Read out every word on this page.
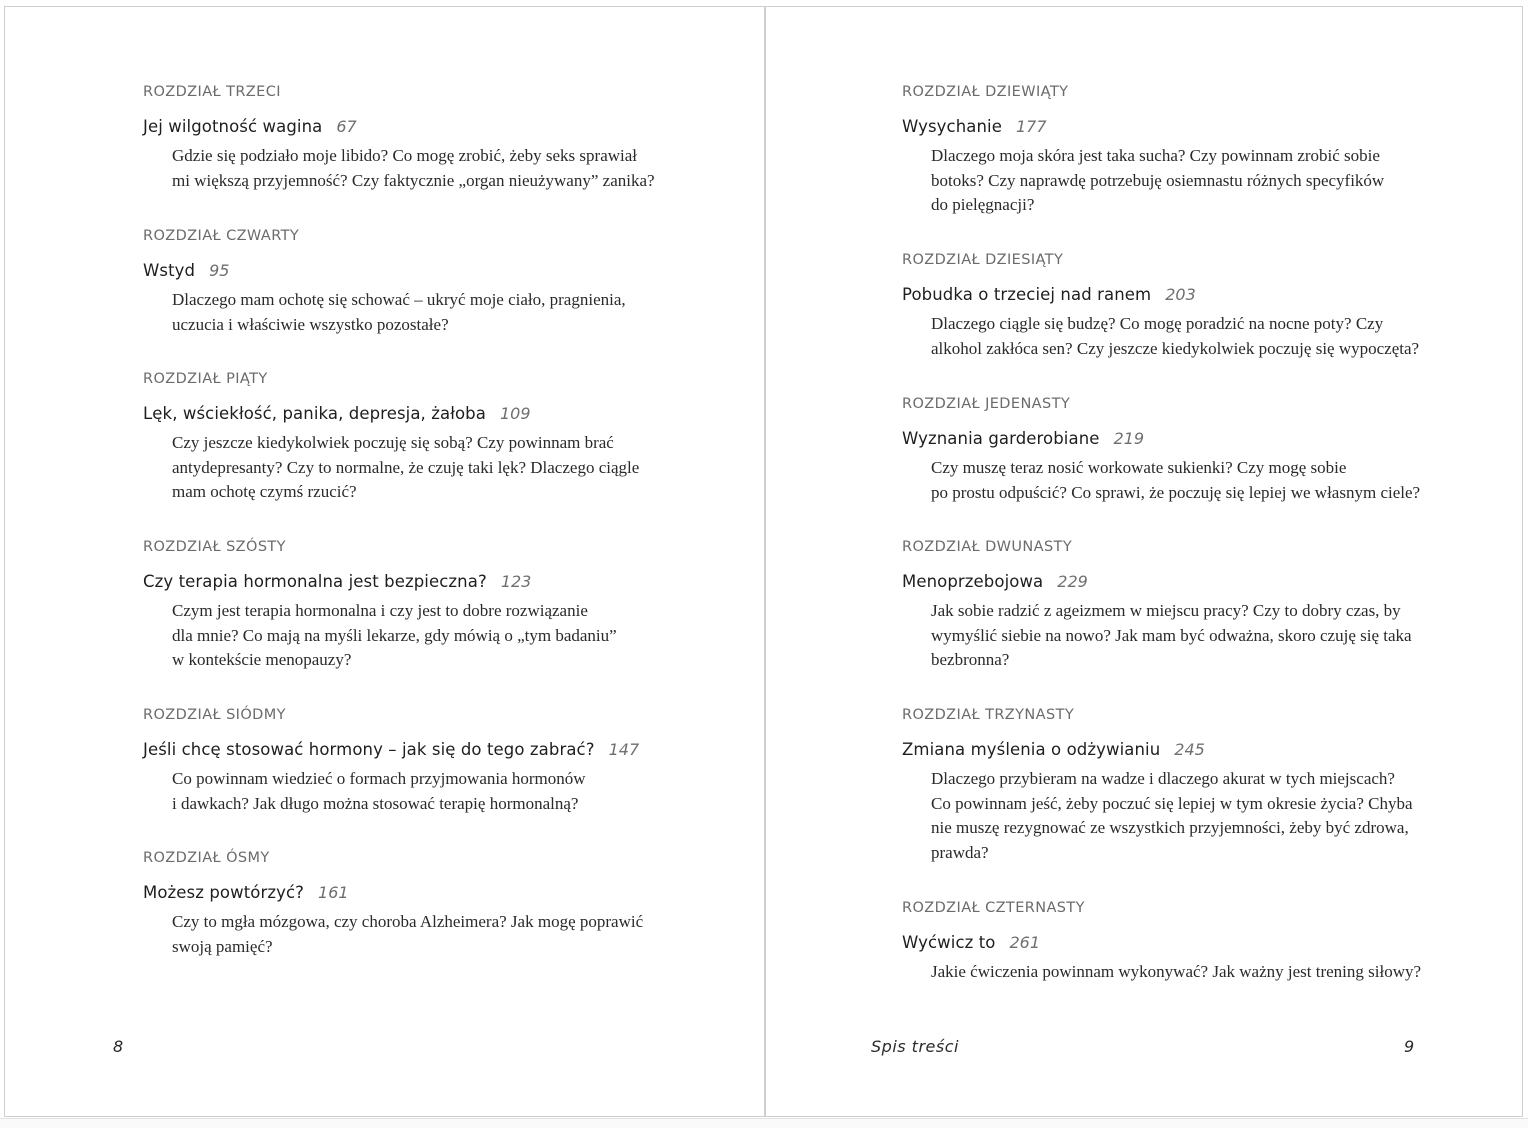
ROZDZIAŁ TRZECI
Jej wilgotność wagina 67
Gdzie się podziało moje libido? Co mogę zrobić, żeby seks sprawiał
mi większą przyjemność? Czy faktycznie „organ nieużywany” zanika?
ROZDZIAŁ CZWARTY
Wstyd 95
Dlaczego mam ochotę się schować – ukryć moje ciało, pragnienia,
uczucia i właściwie wszystko pozostałe?
ROZDZIAŁ PIĄTY
Lęk, wściekłość, panika, depresja, żałoba 109
Czy jeszcze kiedykolwiek poczuję się sobą? Czy powinnam brać
antydepresanty? Czy to normalne, że czuję taki lęk? Dlaczego ciągle
mam ochotę czymś rzucić?
ROZDZIAŁ SZÓSTY
Czy terapia hormonalna jest bezpieczna? 123
Czym jest terapia hormonalna i czy jest to dobre rozwiązanie
dla mnie? Co mają na myśli lekarze, gdy mówią o „tym badaniu”
w kontekście menopauzy?
ROZDZIAŁ SIÓDMY
Jeśli chcę stosować hormony – jak się do tego zabrać? 147
Co powinnam wiedzieć o formach przyjmowania hormonów
i dawkach? Jak długo można stosować terapię hormonalną?
ROZDZIAŁ ÓSMY
Możesz powtórzyć? 161
Czy to mgła mózgowa, czy choroba Alzheimera? Jak mogę poprawić
swoją pamięć?
8
ROZDZIAŁ DZIEWIĄTY
Wysychanie 177
Dlaczego moja skóra jest taka sucha? Czy powinnam zrobić sobie
botoks? Czy naprawdę potrzebuję osiemnastu różnych specyfików
do pielęgnacji?
ROZDZIAŁ DZIESIĄTY
Pobudka o trzeciej nad ranem 203
Dlaczego ciągle się budzę? Co mogę poradzić na nocne poty? Czy
alkohol zakłóca sen? Czy jeszcze kiedykolwiek poczuję się wypoczęta?
ROZDZIAŁ JEDENASTY
Wyznania garderobiane 219
Czy muszę teraz nosić workowate sukienki? Czy mogę sobie
po prostu odpuścić? Co sprawi, że poczuję się lepiej we własnym ciele?
ROZDZIAŁ DWUNASTY
Menoprzebojowa 229
Jak sobie radzić z ageizmem w miejscu pracy? Czy to dobry czas, by
wymyślić siebie na nowo? Jak mam być odważna, skoro czuję się taka
bezbronna?
ROZDZIAŁ TRZYNASTY
Zmiana myślenia o odżywianiu 245
Dlaczego przybieram na wadze i dlaczego akurat w tych miejscach?
Co powinnam jeść, żeby poczuć się lepiej w tym okresie życia? Chyba
nie muszę rezygnować ze wszystkich przyjemności, żeby być zdrowa,
prawda?
ROZDZIAŁ CZTERNASTY
Wyćwicz to 261
Jakie ćwiczenia powinnam wykonywać? Jak ważny jest trening siłowy?
Spis treści	9
